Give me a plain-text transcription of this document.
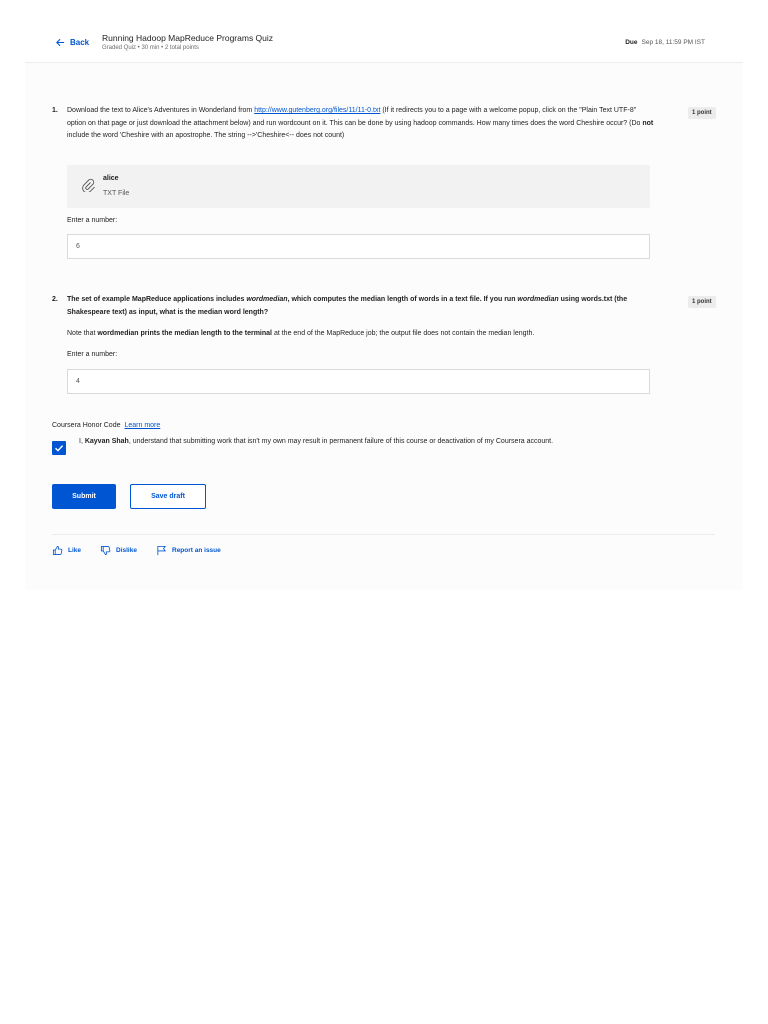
Back Running Hadoop MapReduce Programs Quiz
Graded Quiz • 30 min • 2 total points
Due Sep 18, 11:59 PM IST
1. Download the text to Alice's Adventures in Wonderland from http://www.gutenberg.org/files/11/11-0.txt (If it redirects you to a page with a welcome popup, click on the "Plain Text UTF-8" option on that page or just download the attachment below) and run wordcount on it. This can be done by using hadoop commands. How many times does the word Cheshire occur? (Do not include the word 'Cheshire with an apostrophe. The string -->'Cheshire<-- does not count)
1 point
alice
TXT File
Enter a number:
6
2. The set of example MapReduce applications includes wordmedian, which computes the median length of words in a text file. If you run wordmedian using words.txt (the Shakespeare text) as input, what is the median word length?
1 point
Note that wordmedian prints the median length to the terminal at the end of the MapReduce job; the output file does not contain the median length.
Enter a number:
4
Coursera Honor Code Learn more
I, Kayvan Shah, understand that submitting work that isn't my own may result in permanent failure of this course or deactivation of my Coursera account.
Submit	Save draft
Like	Dislike	Report an issue
